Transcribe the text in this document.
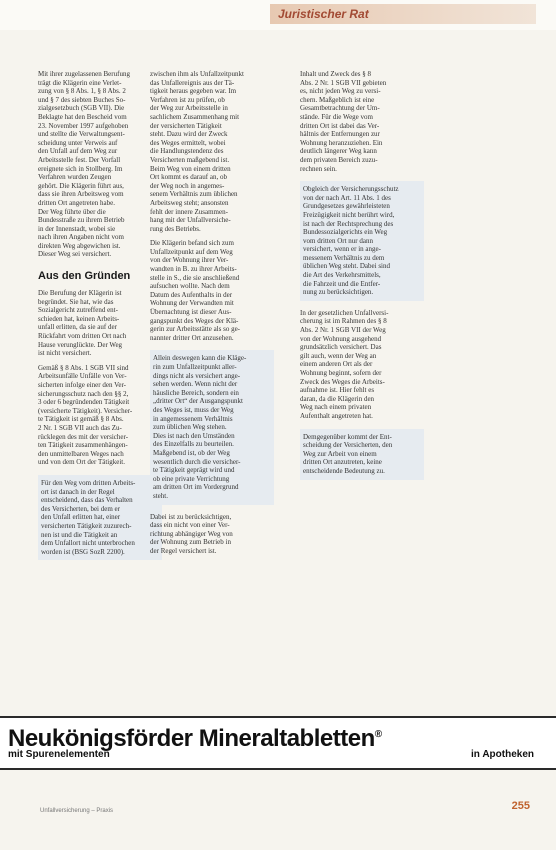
Juristischer Rat
Mit ihrer zugelassenen Berufung
trägt die Klägerin eine Verlet-
zung von § 8 Abs. 1, § 8 Abs. 2
und § 7 des siebten Buches So-
zialgesetzbuch (SGB VII). Die
Beklagte hat den Bescheid vom
23. November 1997 aufgehoben
und stellte die Verwaltungsent-
scheidung unter Verweis auf
den Unfall auf dem Weg zur
Arbeitsstelle fest. Der Vorfall
ereignete sich in Stollberg. Im
Verfahren wurden Zeugen
gehört. Die Klägerin führt aus,
dass sie ihren Arbeitsweg vom
dritten Ort angetreten habe.
Der Weg führte über die
Bundesstraße zu ihrem Betrieb
in der Innenstadt, wobei sie
nach ihren Angaben nicht vom
direkten Weg abgewichen ist.
Dieser Weg sei versichert.
Aus den Gründen
Die Berufung der Klägerin ist
begründet. Sie hat, wie das
Sozialgericht zutreffend ent-
schieden hat, keinen Arbeits-
unfall erlitten, da sie auf der
Rückfahrt vom dritten Ort nach
Hause verunglückte. Der Weg
ist nicht versichert.
Gemäß § 8 Abs. 1 SGB VII sind
Arbeitsunfälle Unfälle von Ver-
sicherten infolge einer den Ver-
sicherungsschutz nach den §§ 2,
3 oder 6 begründenden Tätigkeit
(versicherte Tätigkeit). Versicher-
te Tätigkeit ist gemäß § 8 Abs.
2 Nr. 1 SGB VII auch das Zu-
rücklegen des mit der versicher-
ten Tätigkeit zusammenhängen-
den unmittelbaren Weges nach
und von dem Ort der Tätigkeit.
Für den Weg vom dritten Arbeits-
ort ist danach in der Regel
entscheidend, dass das Verhalten
des Versicherten, bei dem er
den Unfall erlitten hat, einer
versicherten Tätigkeit zuzurech-
nen ist und die Tätigkeit an
dem Unfallort nicht unterbrochen
worden ist (BSG SozR 2200).
zwischen ihm als Unfallzeitpunkt
das Unfallereignis aus der Tä-
tigkeit heraus gegeben war. Im
Verfahren ist zu prüfen, ob
der Weg zur Arbeitsstelle in
sachlichem Zusammenhang mit
der versicherten Tätigkeit
steht. Dazu wird der Zweck
des Weges ermittelt, wobei
die Handlungstendenz des
Versicherten maßgebend ist.
Beim Weg von einem dritten
Ort kommt es darauf an, ob
der Weg noch in angemes-
senem Verhältnis zum üblichen
Arbeitsweg steht; ansonsten
fehlt der innere Zusammen-
hang mit der Unfallversiche-
rung des Betriebs.
Die Klägerin befand sich zum
Unfallzeitpunkt auf dem Weg
von der Wohnung ihrer Ver-
wandten in B. zu ihrer Arbeits-
stelle in S., die sie anschließend
aufsuchen wollte. Nach dem
Datum des Aufenthalts in der
Wohnung der Verwandten mit
Übernachtung ist dieser Aus-
gangspunkt des Weges der Klä-
gerin zur Arbeitsstätte als so ge-
nannter dritter Ort anzusehen.
Allein deswegen kann die Kläge-
rin zum Unfallzeitpunkt aller-
dings nicht als versichert ange-
sehen werden. Wenn nicht der
häusliche Bereich, sondern ein
„dritter Ort“ der Ausgangspunkt
des Weges ist, muss der Weg
in angemessenem Verhältnis
zum üblichen Weg stehen.
Dies ist nach den Umständen
des Einzelfalls zu beurteilen.
Maßgebend ist, ob der Weg
wesentlich durch die versicher-
te Tätigkeit geprägt wird und
ob eine private Verrichtung
am dritten Ort im Vordergrund
steht.
Dabei ist zu berücksichtigen,
dass ein nicht von einer Ver-
richtung abhängiger Weg von
der Wohnung zum Betrieb in
der Regel versichert ist.
Inhalt und Zweck des § 8
Abs. 2 Nr. 1 SGB VII gebieten
es, nicht jeden Weg zu versi-
chern. Maßgeblich ist eine
Gesamtbetrachtung der Um-
stände. Für die Wege vom
dritten Ort ist dabei das Ver-
hältnis der Entfernungen zur
Wohnung heranzuziehen. Ein
deutlich längerer Weg kann
dem privaten Bereich zuzu-
rechnen sein.
Obgleich der Versicherungsschutz
von der nach Art. 11 Abs. 1 des
Grundgesetzes gewährleisteten
Freizügigkeit nicht berührt wird,
ist nach der Rechtsprechung des
Bundessozialgerichts ein Weg
vom dritten Ort nur dann
versichert, wenn er in ange-
messenem Verhältnis zu dem
üblichen Weg steht. Dabei sind
die Art des Verkehrsmittels,
die Fahrzeit und die Entfer-
nung zu berücksichtigen.
In der gesetzlichen Unfallversi-
cherung ist im Rahmen des § 8
Abs. 2 Nr. 1 SGB VII der Weg
von der Wohnung ausgehend
grundsätzlich versichert. Das
gilt auch, wenn der Weg an
einem anderen Ort als der
Wohnung beginnt, sofern der
Zweck des Weges die Arbeits-
aufnahme ist. Hier fehlt es
daran, da die Klägerin den
Weg nach einem privaten
Aufenthalt angetreten hat.
Demgegenüber kommt der Ent-
scheidung der Versicherten, den
Weg zur Arbeit von einem
dritten Ort anzutreten, keine
entscheidende Bedeutung zu.
Neukönigsförder Mineraltabletten®
mit Spurenelementen	in Apotheken
Unfallversicherung – Praxis	255
